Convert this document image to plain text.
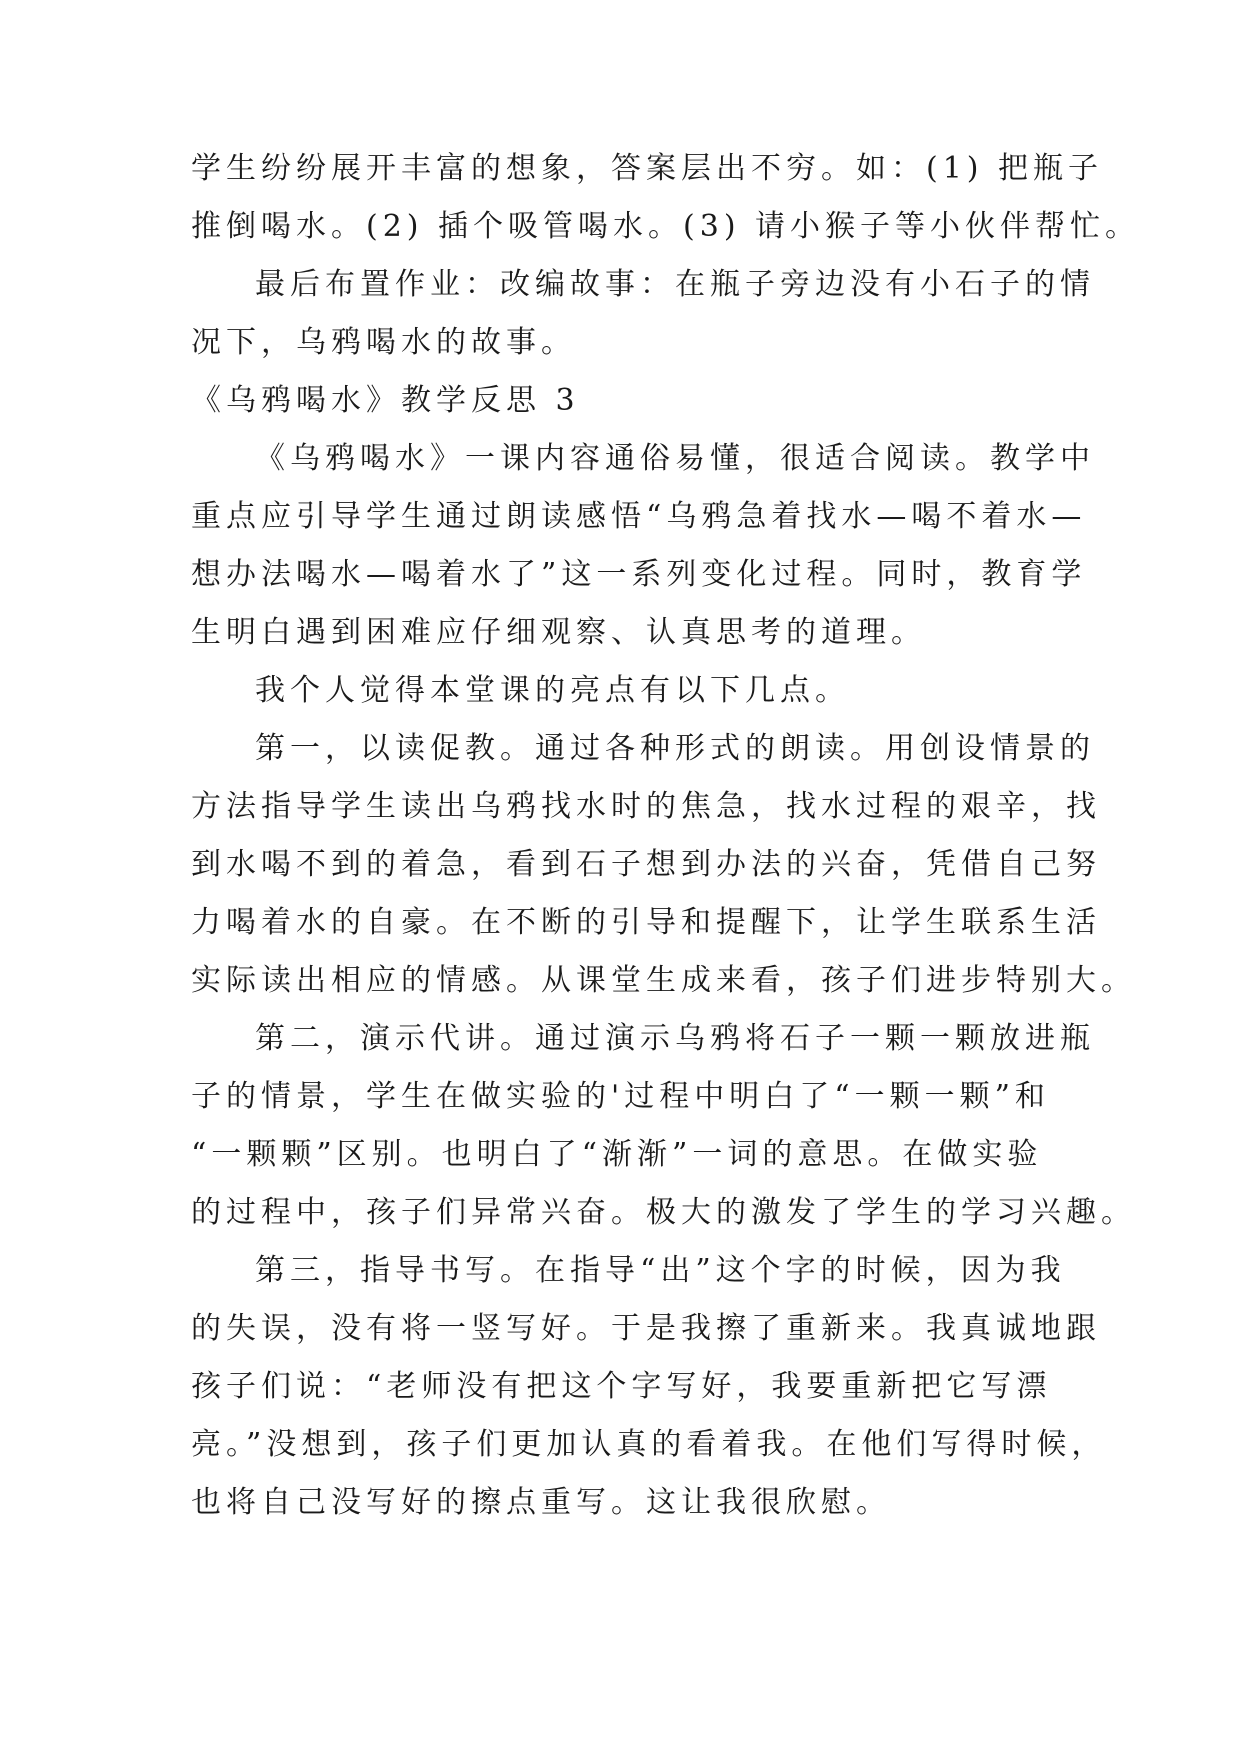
学生纷纷展开丰富的想象，答案层出不穷。如：(1) 把瓶子
推倒喝水。(2) 插个吸管喝水。(3) 请小猴子等小伙伴帮忙。
最后布置作业：改编故事：在瓶子旁边没有小石子的情
况下，乌鸦喝水的故事。
《乌鸦喝水》教学反思 3
《乌鸦喝水》一课内容通俗易懂，很适合阅读。教学中
重点应引导学生通过朗读感悟“乌鸦急着找水—喝不着水—
想办法喝水—喝着水了”这一系列变化过程。同时，教育学
生明白遇到困难应仔细观察、认真思考的道理。
我个人觉得本堂课的亮点有以下几点。
第一，以读促教。通过各种形式的朗读。用创设情景的
方法指导学生读出乌鸦找水时的焦急，找水过程的艰辛，找
到水喝不到的着急，看到石子想到办法的兴奋，凭借自己努
力喝着水的自豪。在不断的引导和提醒下，让学生联系生活
实际读出相应的情感。从课堂生成来看，孩子们进步特别大。
第二，演示代讲。通过演示乌鸦将石子一颗一颗放进瓶
子的情景，学生在做实验的'过程中明白了“一颗一颗”和
“一颗颗”区别。也明白了“渐渐”一词的意思。在做实验
的过程中，孩子们异常兴奋。极大的激发了学生的学习兴趣。
第三，指导书写。在指导“出”这个字的时候，因为我
的失误，没有将一竖写好。于是我擦了重新来。我真诚地跟
孩子们说：“老师没有把这个字写好，我要重新把它写漂
亮。”没想到，孩子们更加认真的看着我。在他们写得时候，
也将自己没写好的擦点重写。这让我很欣慰。
